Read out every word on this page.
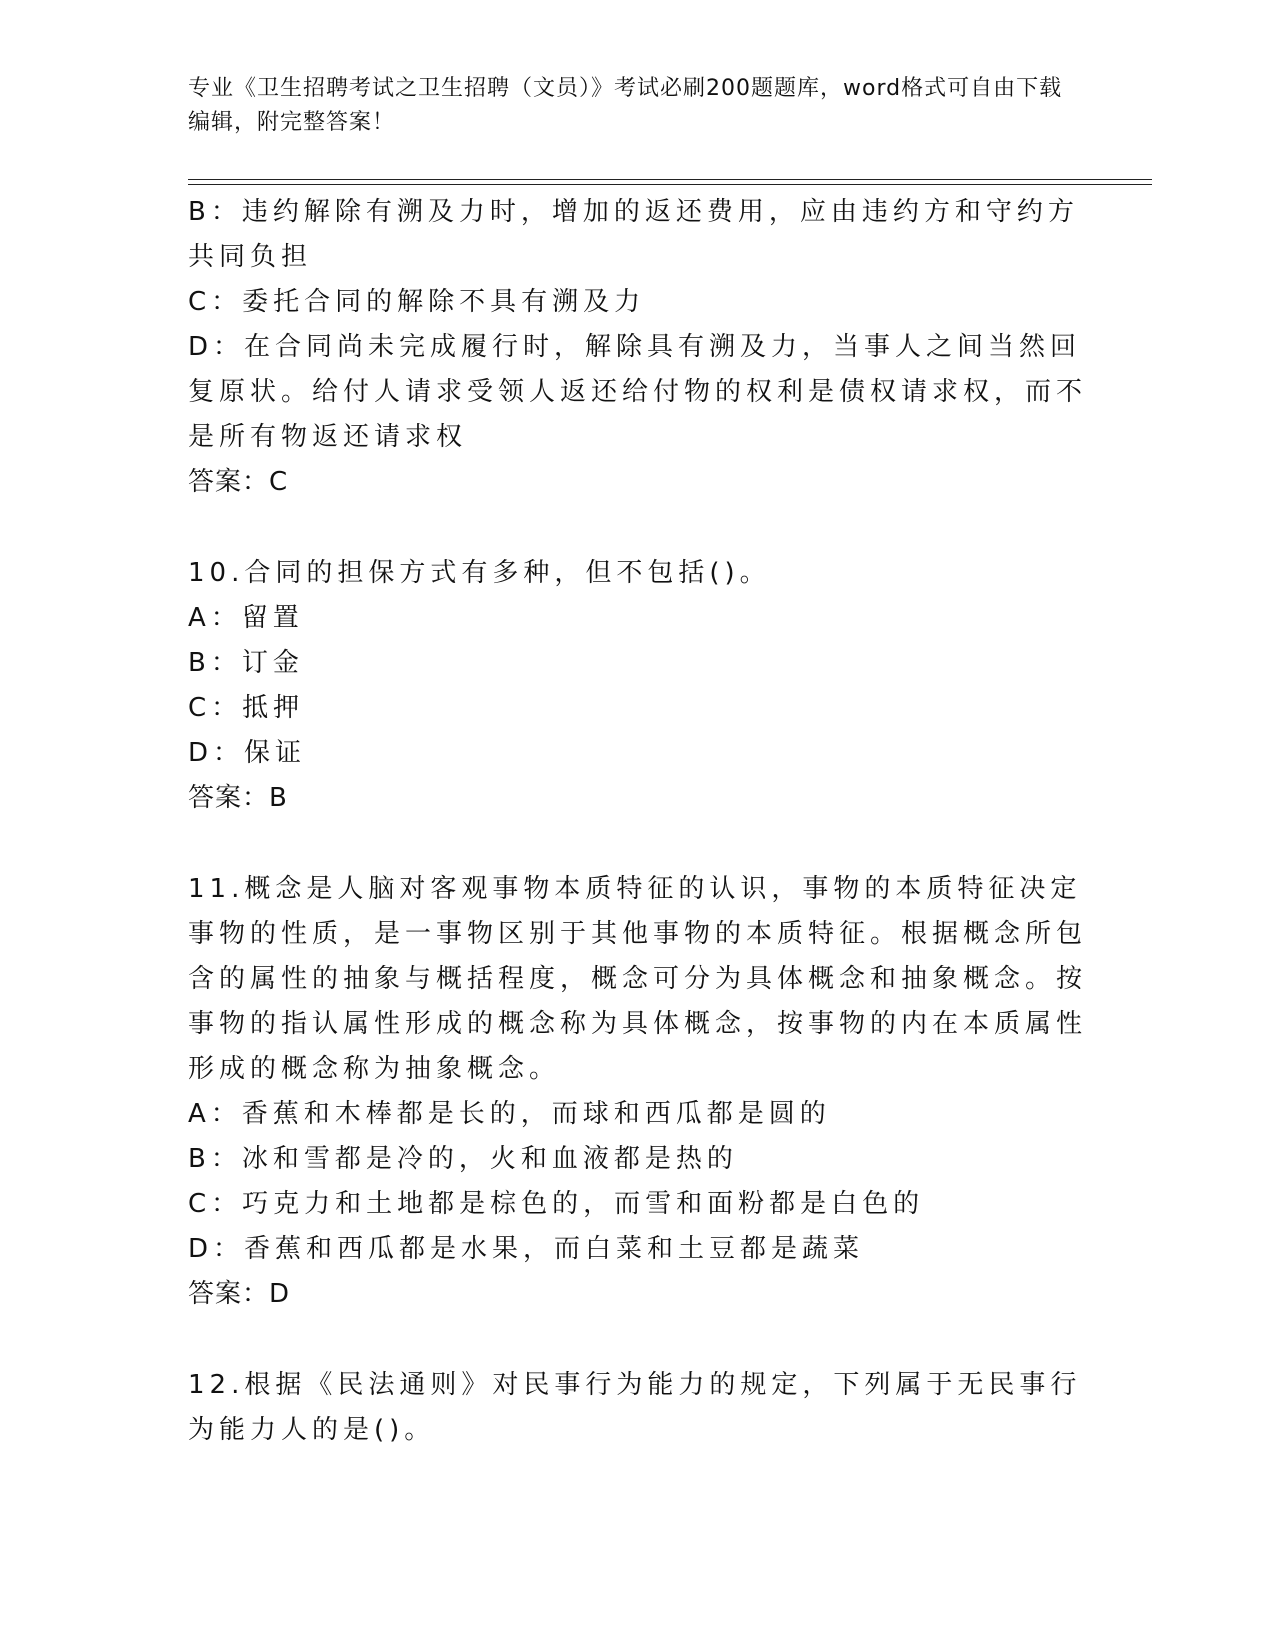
专业《卫生招聘考试之卫生招聘（文员）》考试必刷200题题库，word格式可自由下载编辑，附完整答案！
B：违约解除有溯及力时，增加的返还费用，应由违约方和守约方共同负担
C：委托合同的解除不具有溯及力
D：在合同尚未完成履行时，解除具有溯及力，当事人之间当然回复原状。给付人请求受领人返还给付物的权利是债权请求权，而不是所有物返还请求权
答案：C
10.合同的担保方式有多种，但不包括()。
A：留置
B：订金
C：抵押
D：保证
答案：B
11.概念是人脑对客观事物本质特征的认识，事物的本质特征决定事物的性质，是一事物区别于其他事物的本质特征。根据概念所包含的属性的抽象与概括程度，概念可分为具体概念和抽象概念。按事物的指认属性形成的概念称为具体概念，按事物的内在本质属性形成的概念称为抽象概念。
A：香蕉和木棒都是长的，而球和西瓜都是圆的
B：冰和雪都是冷的，火和血液都是热的
C：巧克力和土地都是棕色的，而雪和面粉都是白色的
D：香蕉和西瓜都是水果，而白菜和土豆都是蔬菜
答案：D
12.根据《民法通则》对民事行为能力的规定，下列属于无民事行为能力人的是()。
